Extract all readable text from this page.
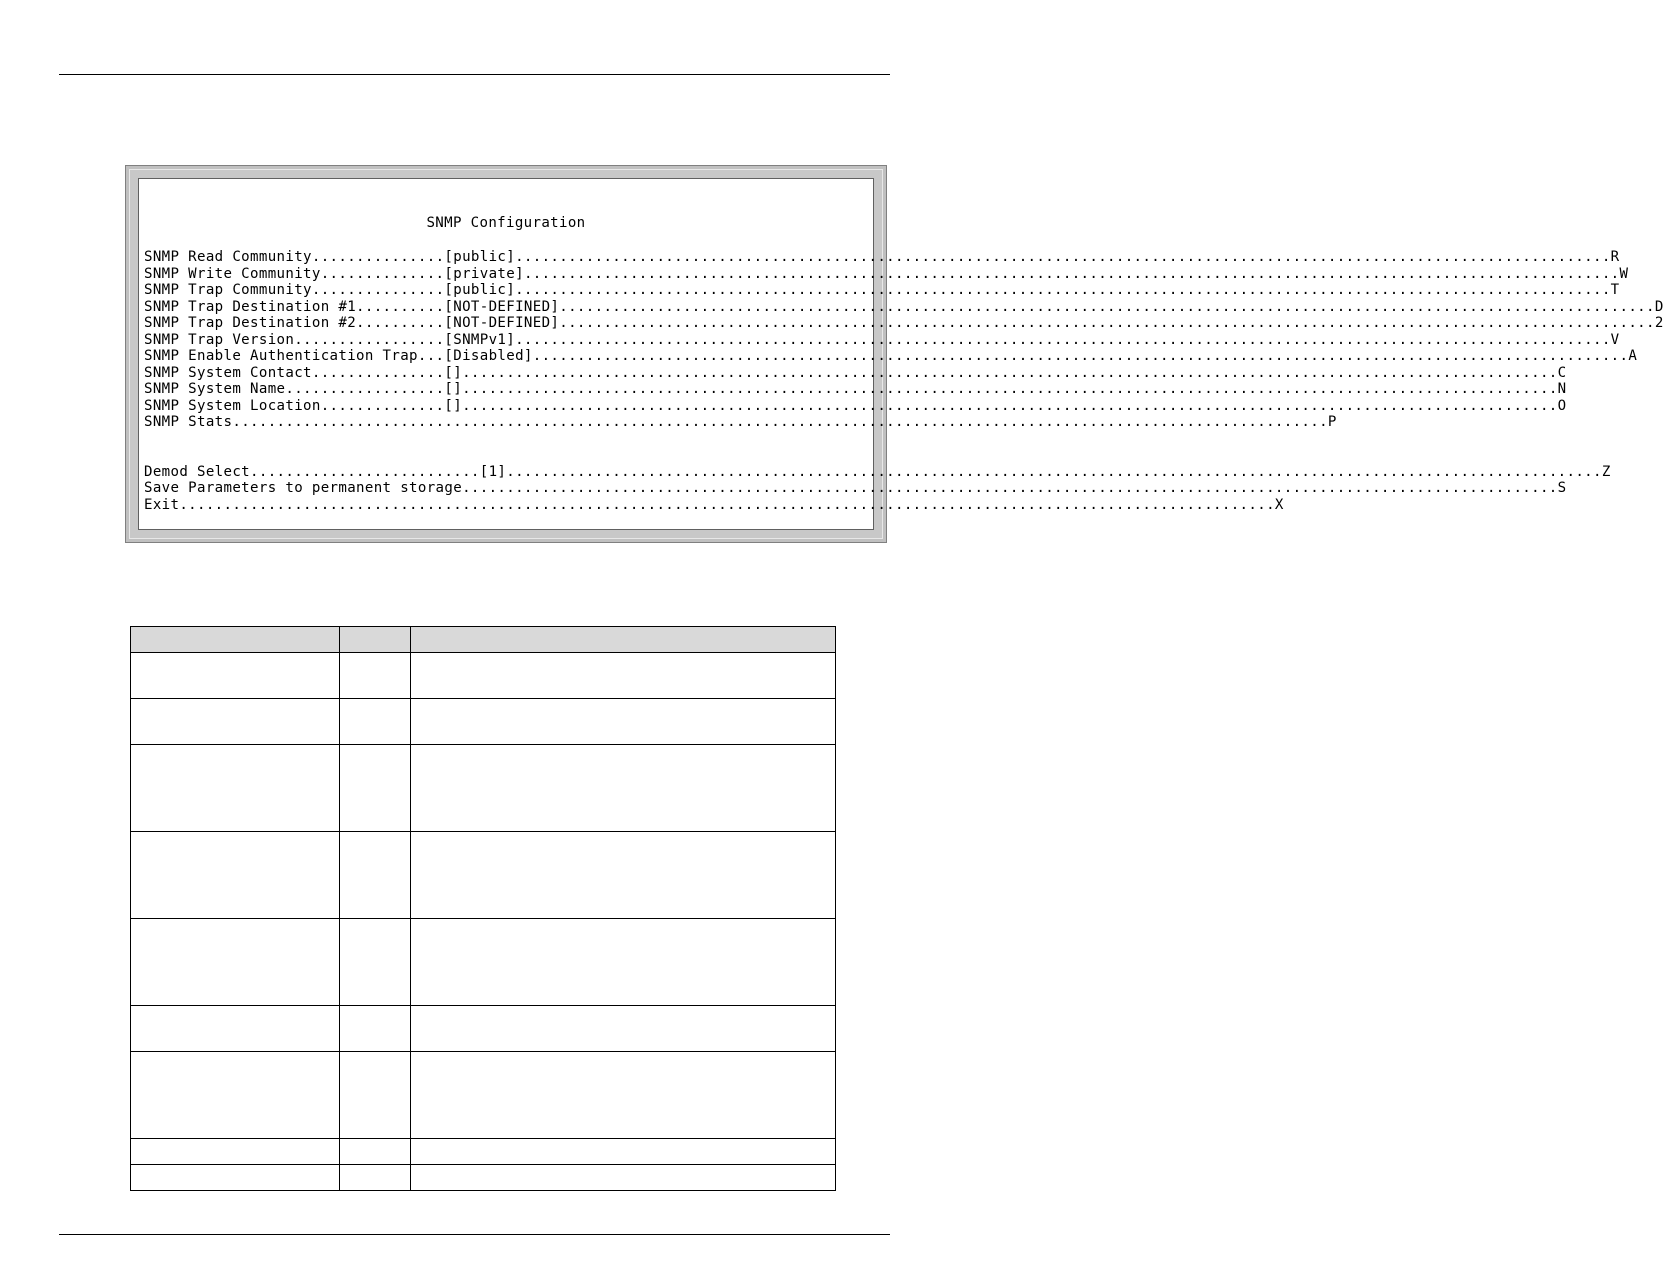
SNMP Configuration
SNMP Read Community ............... [public] .....	R
SNMP Write Community .............. [private] .....	W
SNMP Trap Community ............... [public] .....	T
SNMP Trap Destination #1 .......... [NOT-DEFINED] .....	D
SNMP Trap Destination #2 .......... [NOT-DEFINED] .....	2
SNMP Trap Version ................. [SNMPv1] .....	V
SNMP Enable Authentication Trap ... [Disabled] .....	A
SNMP System Contact ............... [] .....	C
SNMP System Name .................. [] .....	N
SNMP System Location .............. [] .....	O
SNMP Stats .....	P
Demod Select .......................... [1] .....	Z
Save Parameters to permanent storage .....	S
Exit .....	X
